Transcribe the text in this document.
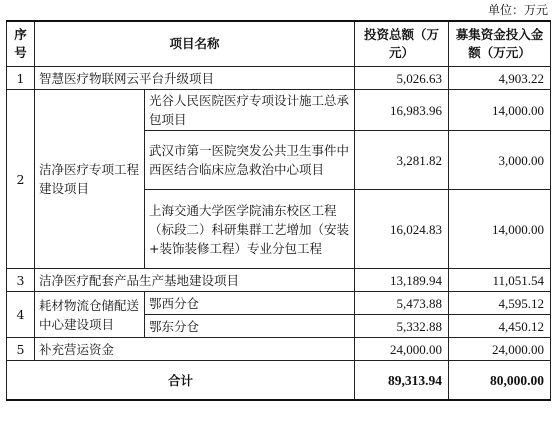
单位：万元
序号	项目名称		投资总额（万元）	募集资金投入金额（万元）
1	智慧医疗物联网云平台升级项目		5,026.63	4,903.22
2	洁净医疗专项工程建设项目	光谷人民医院医疗专项设计施工总承包项目	16,983.96	14,000.00
		武汉市第一医院突发公共卫生事件中西医结合临床应急救治中心项目	3,281.82	3,000.00
		上海交通大学医学院浦东校区工程（标段二）科研集群工艺增加（安装+装饰装修工程）专业分包工程	16,024.83	14,000.00
3	洁净医疗配套产品生产基地建设项目		13,189.94	11,051.54
4	耗材物流仓储配送中心建设项目	鄂西分仓	5,473.88	4,595.12
		鄂东分仓	5,332.88	4,450.12
5	补充营运资金		24,000.00	24,000.00
合计			89,313.94	80,000.00
